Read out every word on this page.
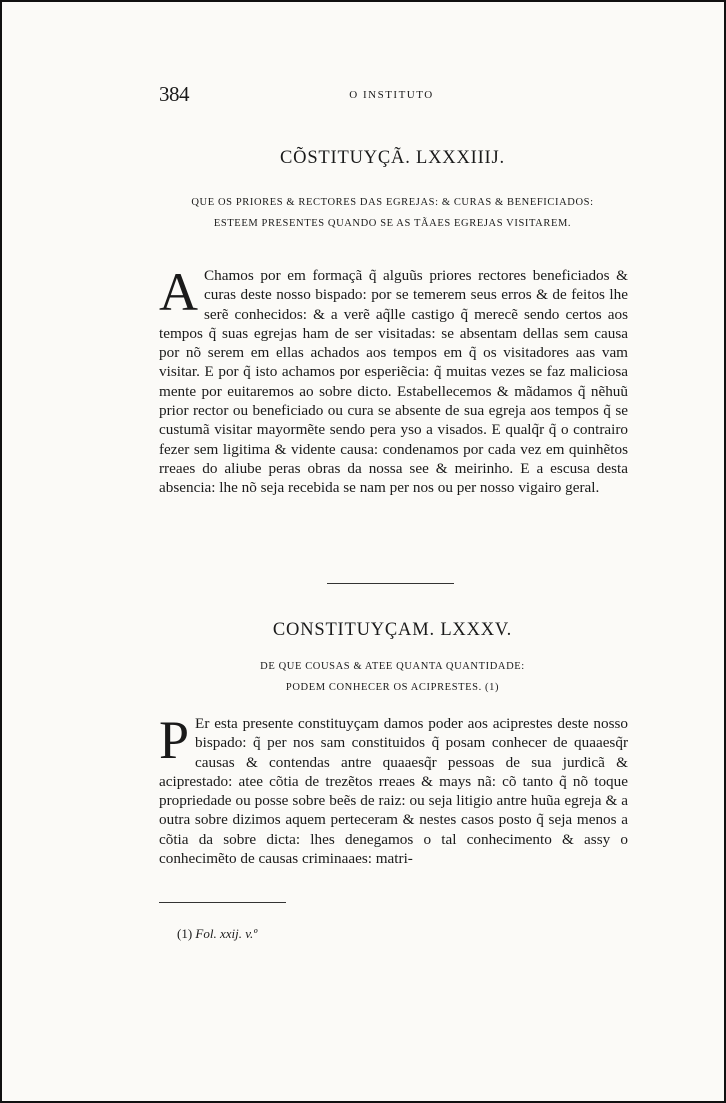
384	O INSTITUTO
CÕSTITUYÇÃ. LXXXIIIJ.
QUE OS PRIORES & RECTORES DAS EGREJAS: & CURAS & BENEFICIADOS:
ESTEEM PRESENTES QUANDO SE AS TÃAES EGREJAS VISITAREM.

A Chamos por em formaçã q̃ alguũs priores rectores beneficiados & curas deste nosso bispado: por se temerem seus erros & de feitos lhe serẽ conhecidos: & a verẽ aq̃lle castigo q̃ merecẽ sendo certos aos tempos q̃ suas egrejas ham de ser visitadas: se absentam dellas sem causa por nõ serem em ellas achados aos tempos em q̃ os visitadores aas vam visitar. E por q̃ isto achamos por esperiẽcia: q̃ muitas vezes se faz maliciosa mente por euitaremos ao sobre dicto. Estabellecemos & mãdamos q̃ nẽhuũ prior rector ou beneficiado ou cura se absente de sua egreja aos tempos q̃ se custumã visitar mayormẽte sendo pera yso a visados. E qualq̃r q̃ o contrairo fezer sem ligitima & vidente causa: condenamos por cada vez em quinhẽtos rreaes do aliube peras obras da nossa see & meirinho. E a escusa desta absencia: lhe nõ seja recebida se nam per nos ou per nosso vigairo geral.

CONSTITUYÇAM. LXXXV.
DE QUE COUSAS & ATEE QUANTA QUANTIDADE:
PODEM CONHECER OS ACIPRESTES. (1)

P Er esta presente constituyçam damos poder aos aciprestes deste nosso bispado: q̃ per nos sam constituidos q̃ posam conhecer de quaaesq̃r causas & contendas antre quaaesq̃r pessoas de sua jurdicã & aciprestado: atee cõtia de trezẽtos rreaes & mays nã: cõ tanto q̃ nõ toque propriedade ou posse sobre beẽs de raiz: ou seja litigio antre huũa egreja & a outra sobre dizimos aquem perteceram & nestes casos posto q̃ seja menos a cõtia da sobre dicta: lhes denegamos o tal conhecimento & assy o conhecimẽto de causas criminaaes: matri-

(1) Fol. xxij. v.º
